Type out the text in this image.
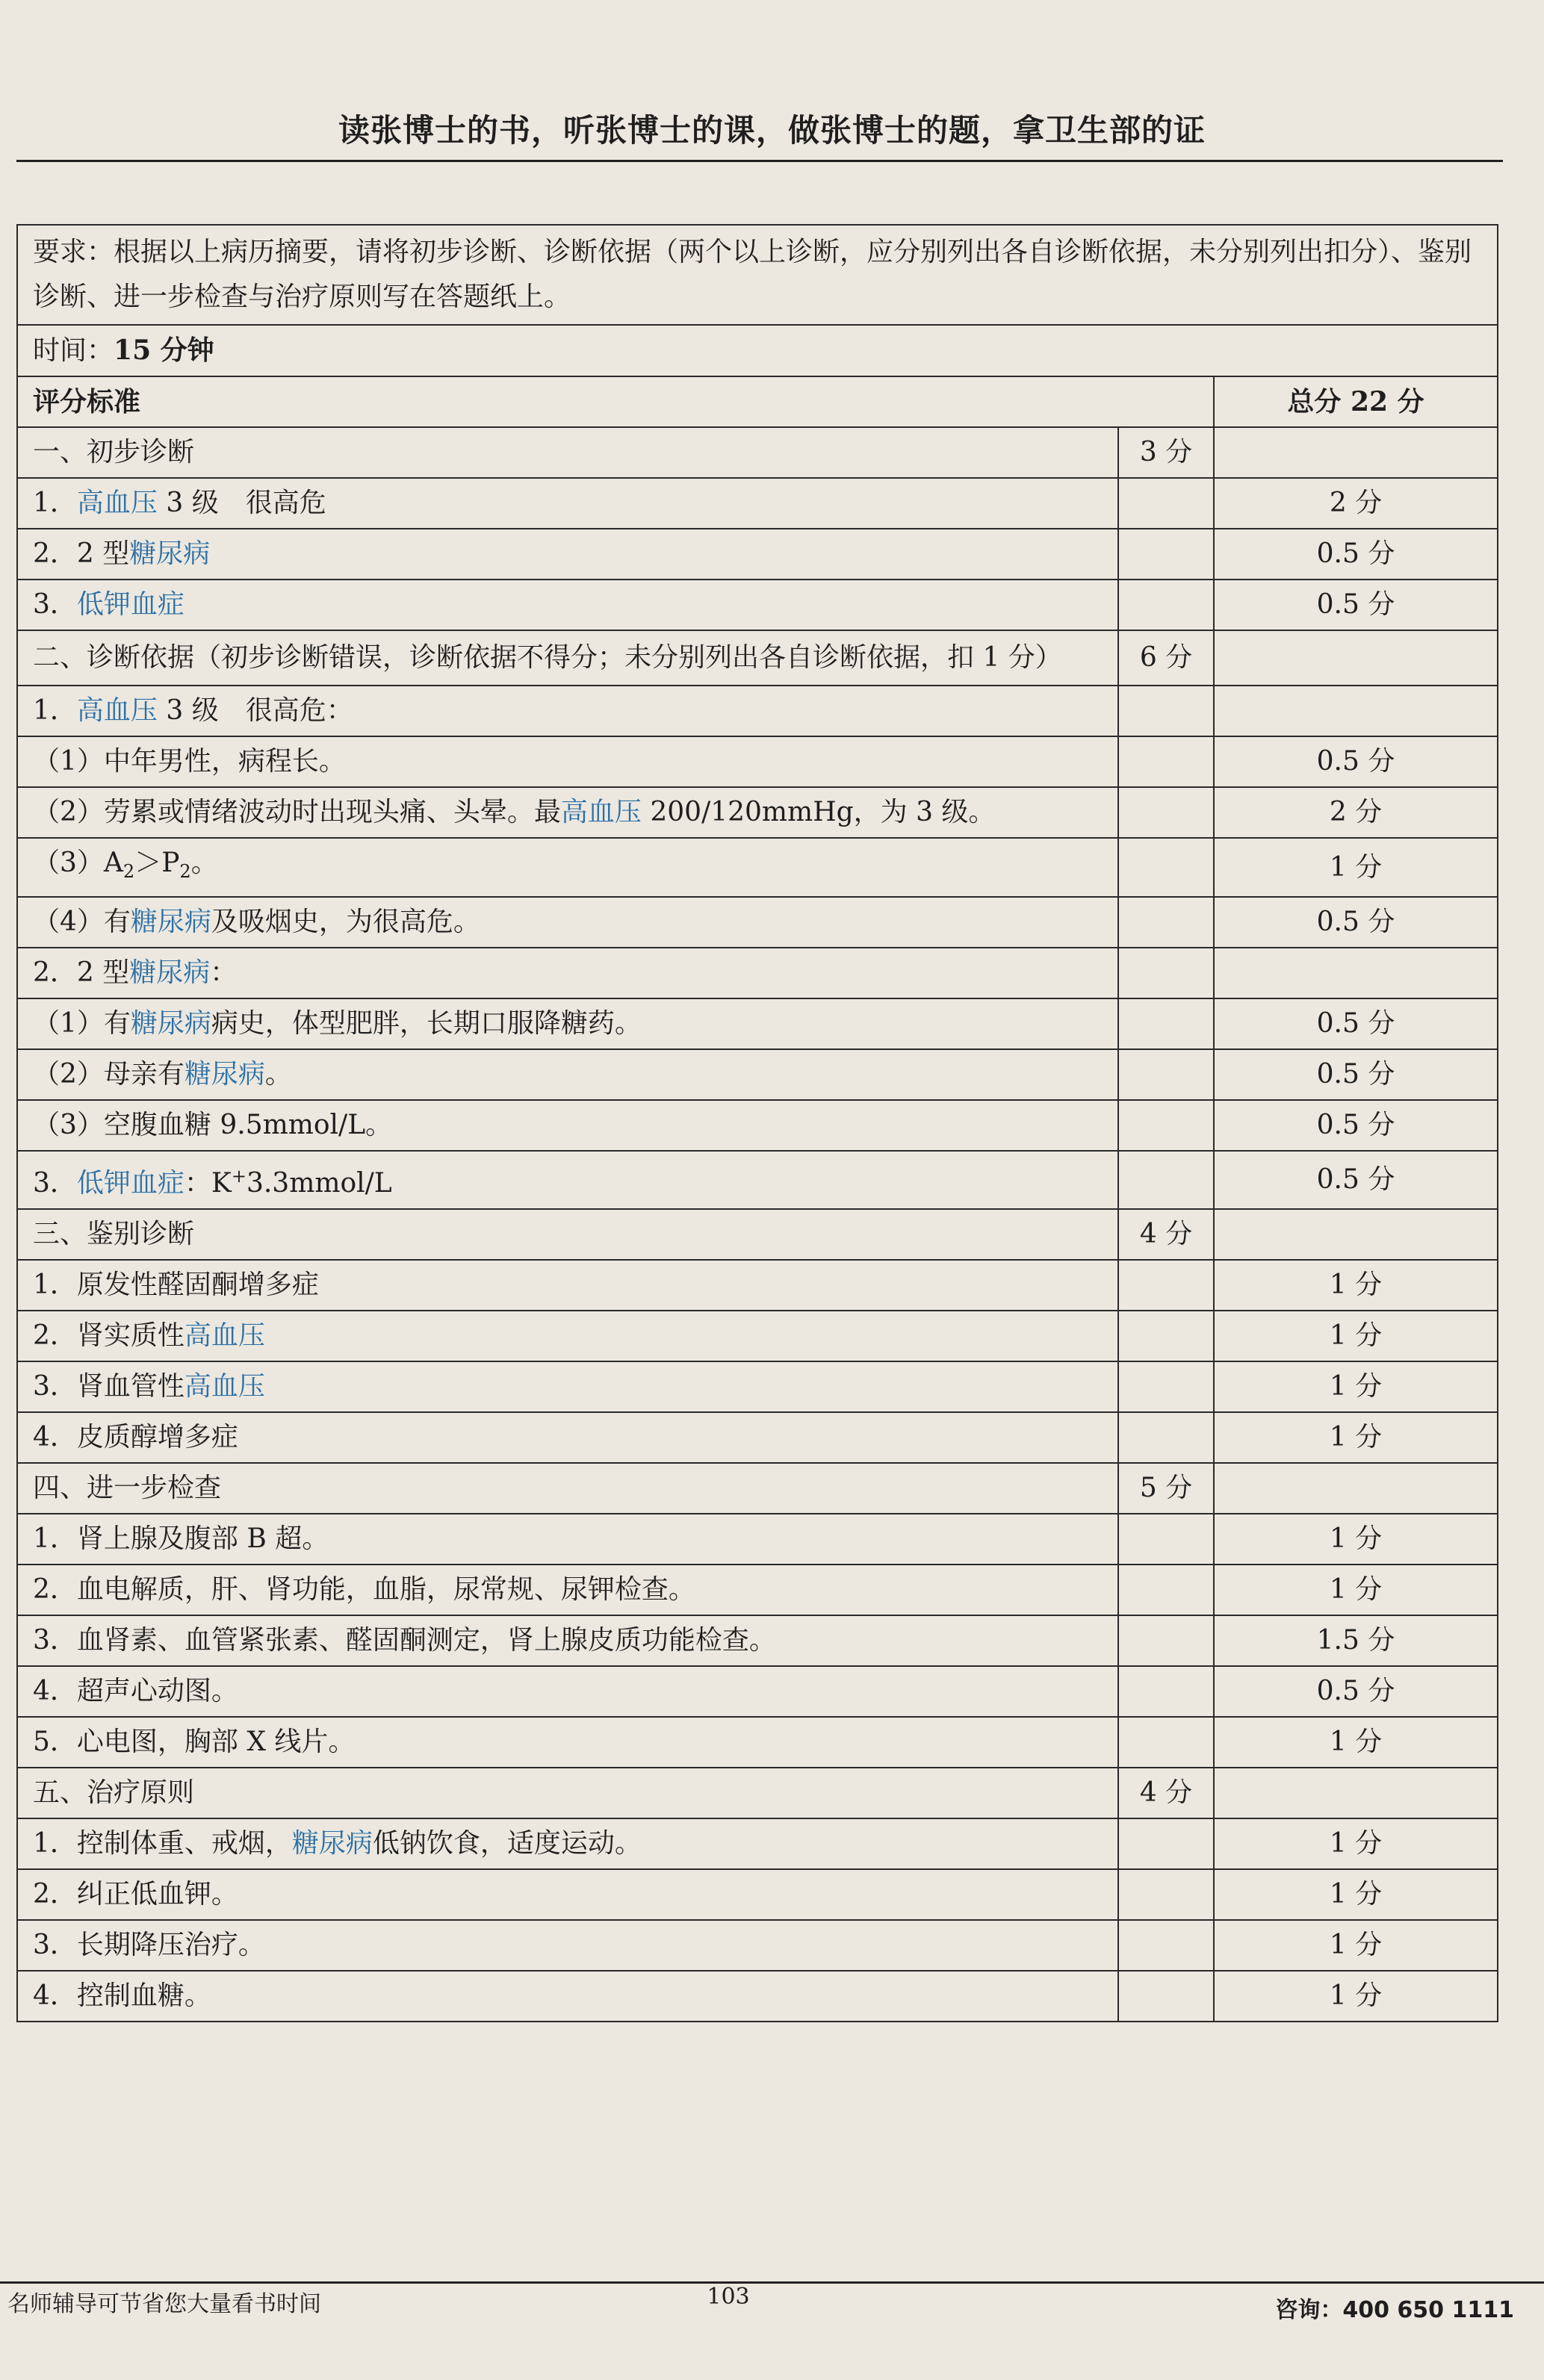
读张博士的书，听张博士的课，做张博士的题，拿卫生部的证
要求：根据以上病历摘要，请将初步诊断、诊断依据（两个以上诊断，应分别列出各自诊断依据，未分别列出扣分）、鉴别诊断、进一步检查与治疗原则写在答题纸上。		
时间：15 分钟		
评分标准		总分 22 分
一、初步诊断	3 分	
1．高血压 3 级　很高危		2 分
2．2 型糖尿病		0.5 分
3．低钾血症		0.5 分
二、诊断依据（初步诊断错误，诊断依据不得分；未分别列出各自诊断依据，扣 1 分）	6 分	
1．高血压 3 级　很高危：		
（1）中年男性，病程长。		0.5 分
（2）劳累或情绪波动时出现头痛、头晕。最高血压 200/120mmHg，为 3 级。		2 分
$(3)A_2>P_2$。		1 分
（4）有糖尿病及吸烟史，为很高危。		0.5 分
2．2 型糖尿病：		
（1）有糖尿病病史，体型肥胖，长期口服降糖药。		0.5 分
（2）母亲有糖尿病。		0.5 分
（3）空腹血糖 9.5mmol/L。		0.5 分
3．低钾血症：K+3.3mmol/L		0.5 分
三、鉴别诊断	4 分	
1．原发性醛固酮增多症		1 分
2．肾实质性高血压		1 分
3．肾血管性高血压		1 分
4．皮质醇增多症		1 分
四、进一步检查	5 分	
1．肾上腺及腹部 B 超。		1 分
2．血电解质，肝、肾功能，血脂，尿常规、尿钾检查。		1 分
3．血肾素、血管紧张素、醛固酮测定，肾上腺皮质功能检查。		1.5 分
4．超声心动图。		0.5 分
5．心电图，胸部 X 线片。		1 分
五、治疗原则	4 分	
1．控制体重、戒烟，糖尿病低钠饮食，适度运动。		1 分
2．纠正低血钾。		1 分
3．长期降压治疗。		1 分
4．控制血糖。		1 分
名师辅导可节省您大量看书时间	103
咨询：400 650 1111
